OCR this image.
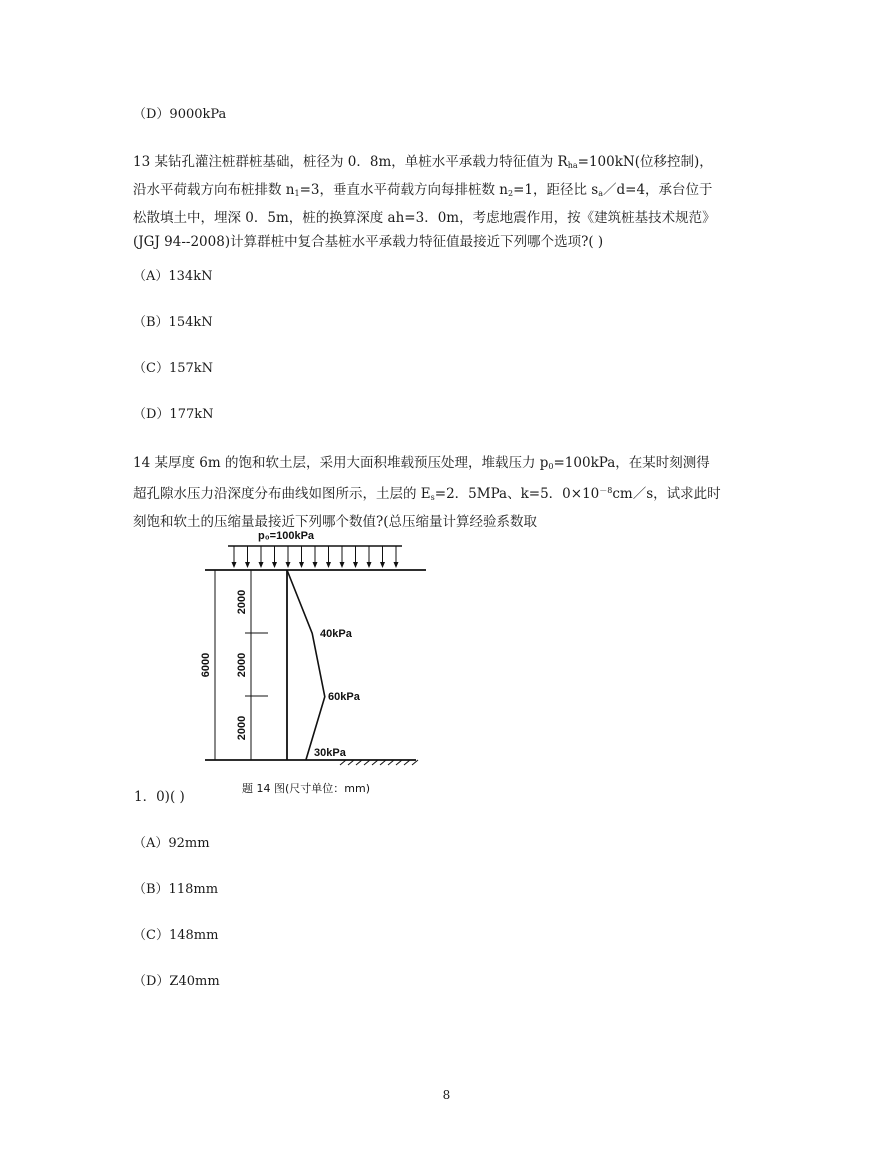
（D）9000kPa

13 某钻孔灌注桩群桩基础，桩径为 0．8m，单桩水平承载力特征值为 $R_{ha}=100kN$(位移控制)，

沿水平荷载方向布桩排数 $n_1=3$，垂直水平荷载方向每排桩数 $n_2=1$，距径比 $s_a/d=4$，承台位于

松散填土中，埋深 0．5m，桩的换算深度 ah=3．0m，考虑地震作用，按《建筑桩基技术规范》

(JGJ 94--2008)计算群桩中复合基桩水平承载力特征值最接近下列哪个选项?( )

（A）134kN
（B）154kN
（C）157kN
（D）177kN

14 某厚度 6m 的饱和软土层，采用大面积堆载预压处理，堆载压力 $p_0=100kPa$，在某时刻测得

超孔隙水压力沿深度分布曲线如图所示，土层的 $E_s=2$．5MPa、k=5．$0\times 10^{-8}cm/s$，试求此时

刻饱和软土的压缩量最接近下列哪个数值?(总压缩量计算经验系数取

p₀=100kPa
6000
2000
2000
2000
40kPa
60kPa
30kPa
题 14 图(尺寸单位：mm)
1．0)( )
（A）92mm
（B）118mm
（C）148mm
（D）Z40mm
8
